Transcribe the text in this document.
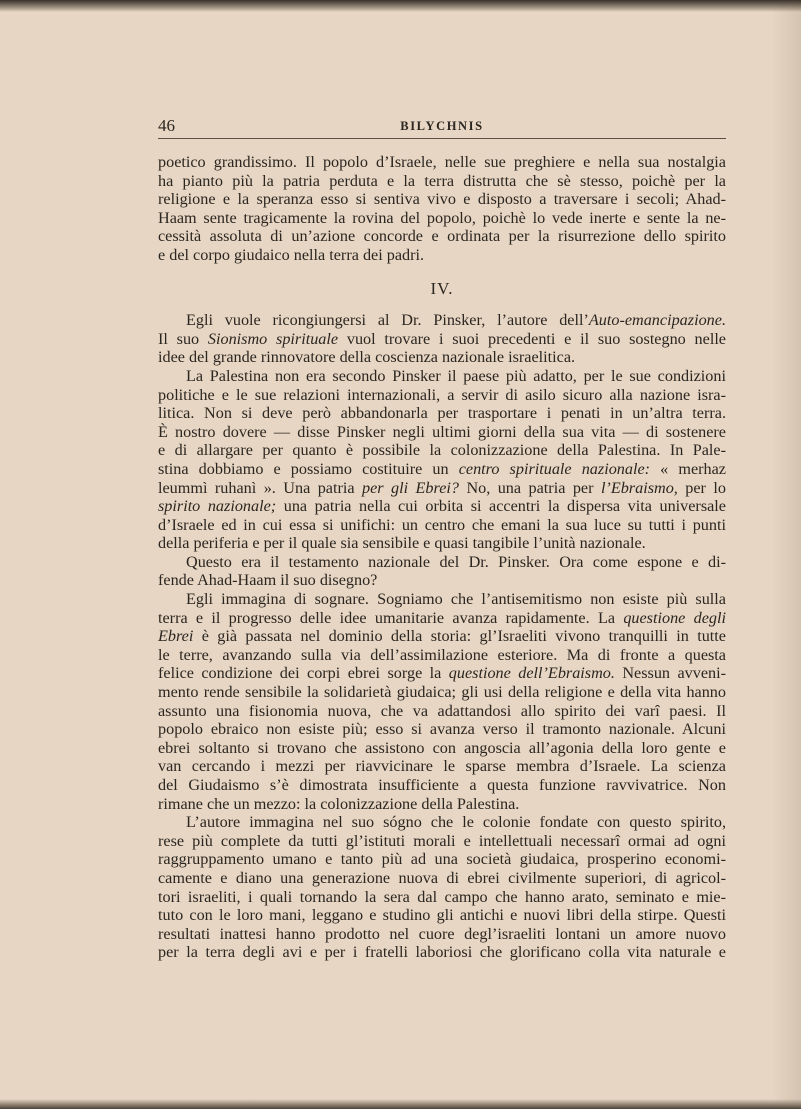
46	BILYCHNIS
poetico grandissimo. Il popolo d’Israele, nelle sue preghiere e nella sua nostalgia
ha pianto più la patria perduta e la terra distrutta che sè stesso, poichè per la
religione e la speranza esso si sentiva vivo e disposto a traversare i secoli; Ahad-
Haam sente tragicamente la rovina del popolo, poichè lo vede inerte e sente la ne-
cessità assoluta di un’azione concorde e ordinata per la risurrezione dello spirito
e del corpo giudaico nella terra dei padri.
IV.
Egli vuole ricongiungersi al Dr. Pinsker, l’autore dell’Auto-emancipazione.
Il suo Sionismo spirituale vuol trovare i suoi precedenti e il suo sostegno nelle
idee del grande rinnovatore della coscienza nazionale israelitica.
La Palestina non era secondo Pinsker il paese più adatto, per le sue condizioni
politiche e le sue relazioni internazionali, a servir di asilo sicuro alla nazione isra-
litica. Non si deve però abbandonarla per trasportare i penati in un’altra terra.
È nostro dovere — disse Pinsker negli ultimi giorni della sua vita — di sostenere
e di allargare per quanto è possibile la colonizzazione della Palestina. In Pale-
stina dobbiamo e possiamo costituire un centro spirituale nazionale: « merhaz
leummì ruhanì ». Una patria per gli Ebrei? No, una patria per l’Ebraismo, per lo
spirito nazionale; una patria nella cui orbita si accentri la dispersa vita universale
d’Israele ed in cui essa si unifichi: un centro che emani la sua luce su tutti i punti
della periferia e per il quale sia sensibile e quasi tangibile l’unità nazionale.
Questo era il testamento nazionale del Dr. Pinsker. Ora come espone e di-
fende Ahad-Haam il suo disegno?
Egli immagina di sognare. Sogniamo che l’antisemitismo non esiste più sulla
terra e il progresso delle idee umanitarie avanza rapidamente. La questione degli
Ebrei è già passata nel dominio della storia: gl’Israeliti vivono tranquilli in tutte
le terre, avanzando sulla via dell’assimilazione esteriore. Ma di fronte a questa
felice condizione dei corpi ebrei sorge la questione dell’Ebraismo. Nessun avveni-
mento rende sensibile la solidarietà giudaica; gli usi della religione e della vita hanno
assunto una fisionomia nuova, che va adattandosi allo spirito dei varî paesi. Il
popolo ebraico non esiste più; esso si avanza verso il tramonto nazionale. Alcuni
ebrei soltanto si trovano che assistono con angoscia all’agonia della loro gente e
van cercando i mezzi per riavvicinare le sparse membra d’Israele. La scienza
del Giudaismo s’è dimostrata insufficiente a questa funzione ravvivatrice. Non
rimane che un mezzo: la colonizzazione della Palestina.
L’autore immagina nel suo sógno che le colonie fondate con questo spirito,
rese più complete da tutti gl’istituti morali e intellettuali necessarî ormai ad ogni
raggruppamento umano e tanto più ad una società giudaica, prosperino economi-
camente e diano una generazione nuova di ebrei civilmente superiori, di agricol-
tori israeliti, i quali tornando la sera dal campo che hanno arato, seminato e mie-
tuto con le loro mani, leggano e studino gli antichi e nuovi libri della stirpe. Questi
resultati inattesi hanno prodotto nel cuore degl’israeliti lontani un amore nuovo
per la terra degli avi e per i fratelli laboriosi che glorificano colla vita naturale e
